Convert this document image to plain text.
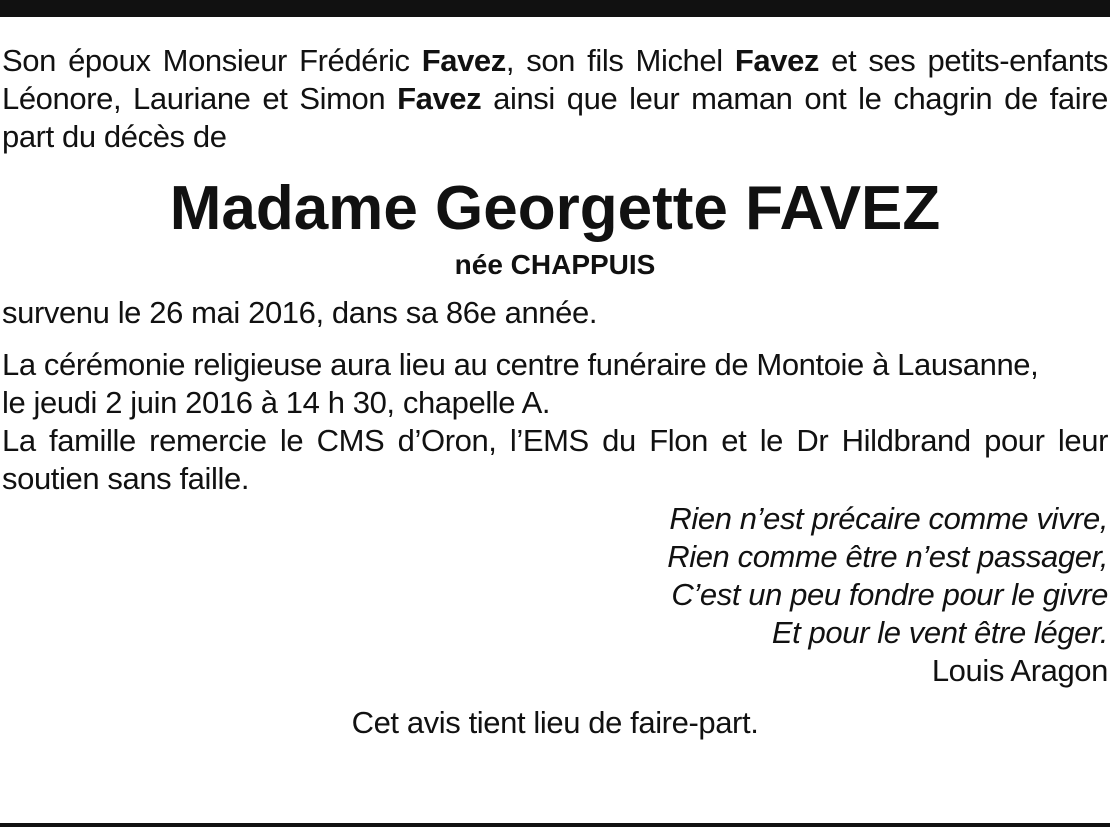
Son époux Monsieur Frédéric Favez, son fils Michel Favez et ses petits-enfants Léonore, Lauriane et Simon Favez ainsi que leur maman ont le chagrin de faire part du décès de

Madame Georgette FAVEZ
née CHAPPUIS

survenu le 26 mai 2016, dans sa 86e année.

La cérémonie religieuse aura lieu au centre funéraire de Montoie à Lausanne,
le jeudi 2 juin 2016 à 14 h 30, chapelle A.

La famille remercie le CMS d’Oron, l’EMS du Flon et le Dr Hildbrand pour leur soutien sans faille.

Rien n’est précaire comme vivre,
Rien comme être n’est passager,
C’est un peu fondre pour le givre
Et pour le vent être léger.
Louis Aragon

Cet avis tient lieu de faire-part.
